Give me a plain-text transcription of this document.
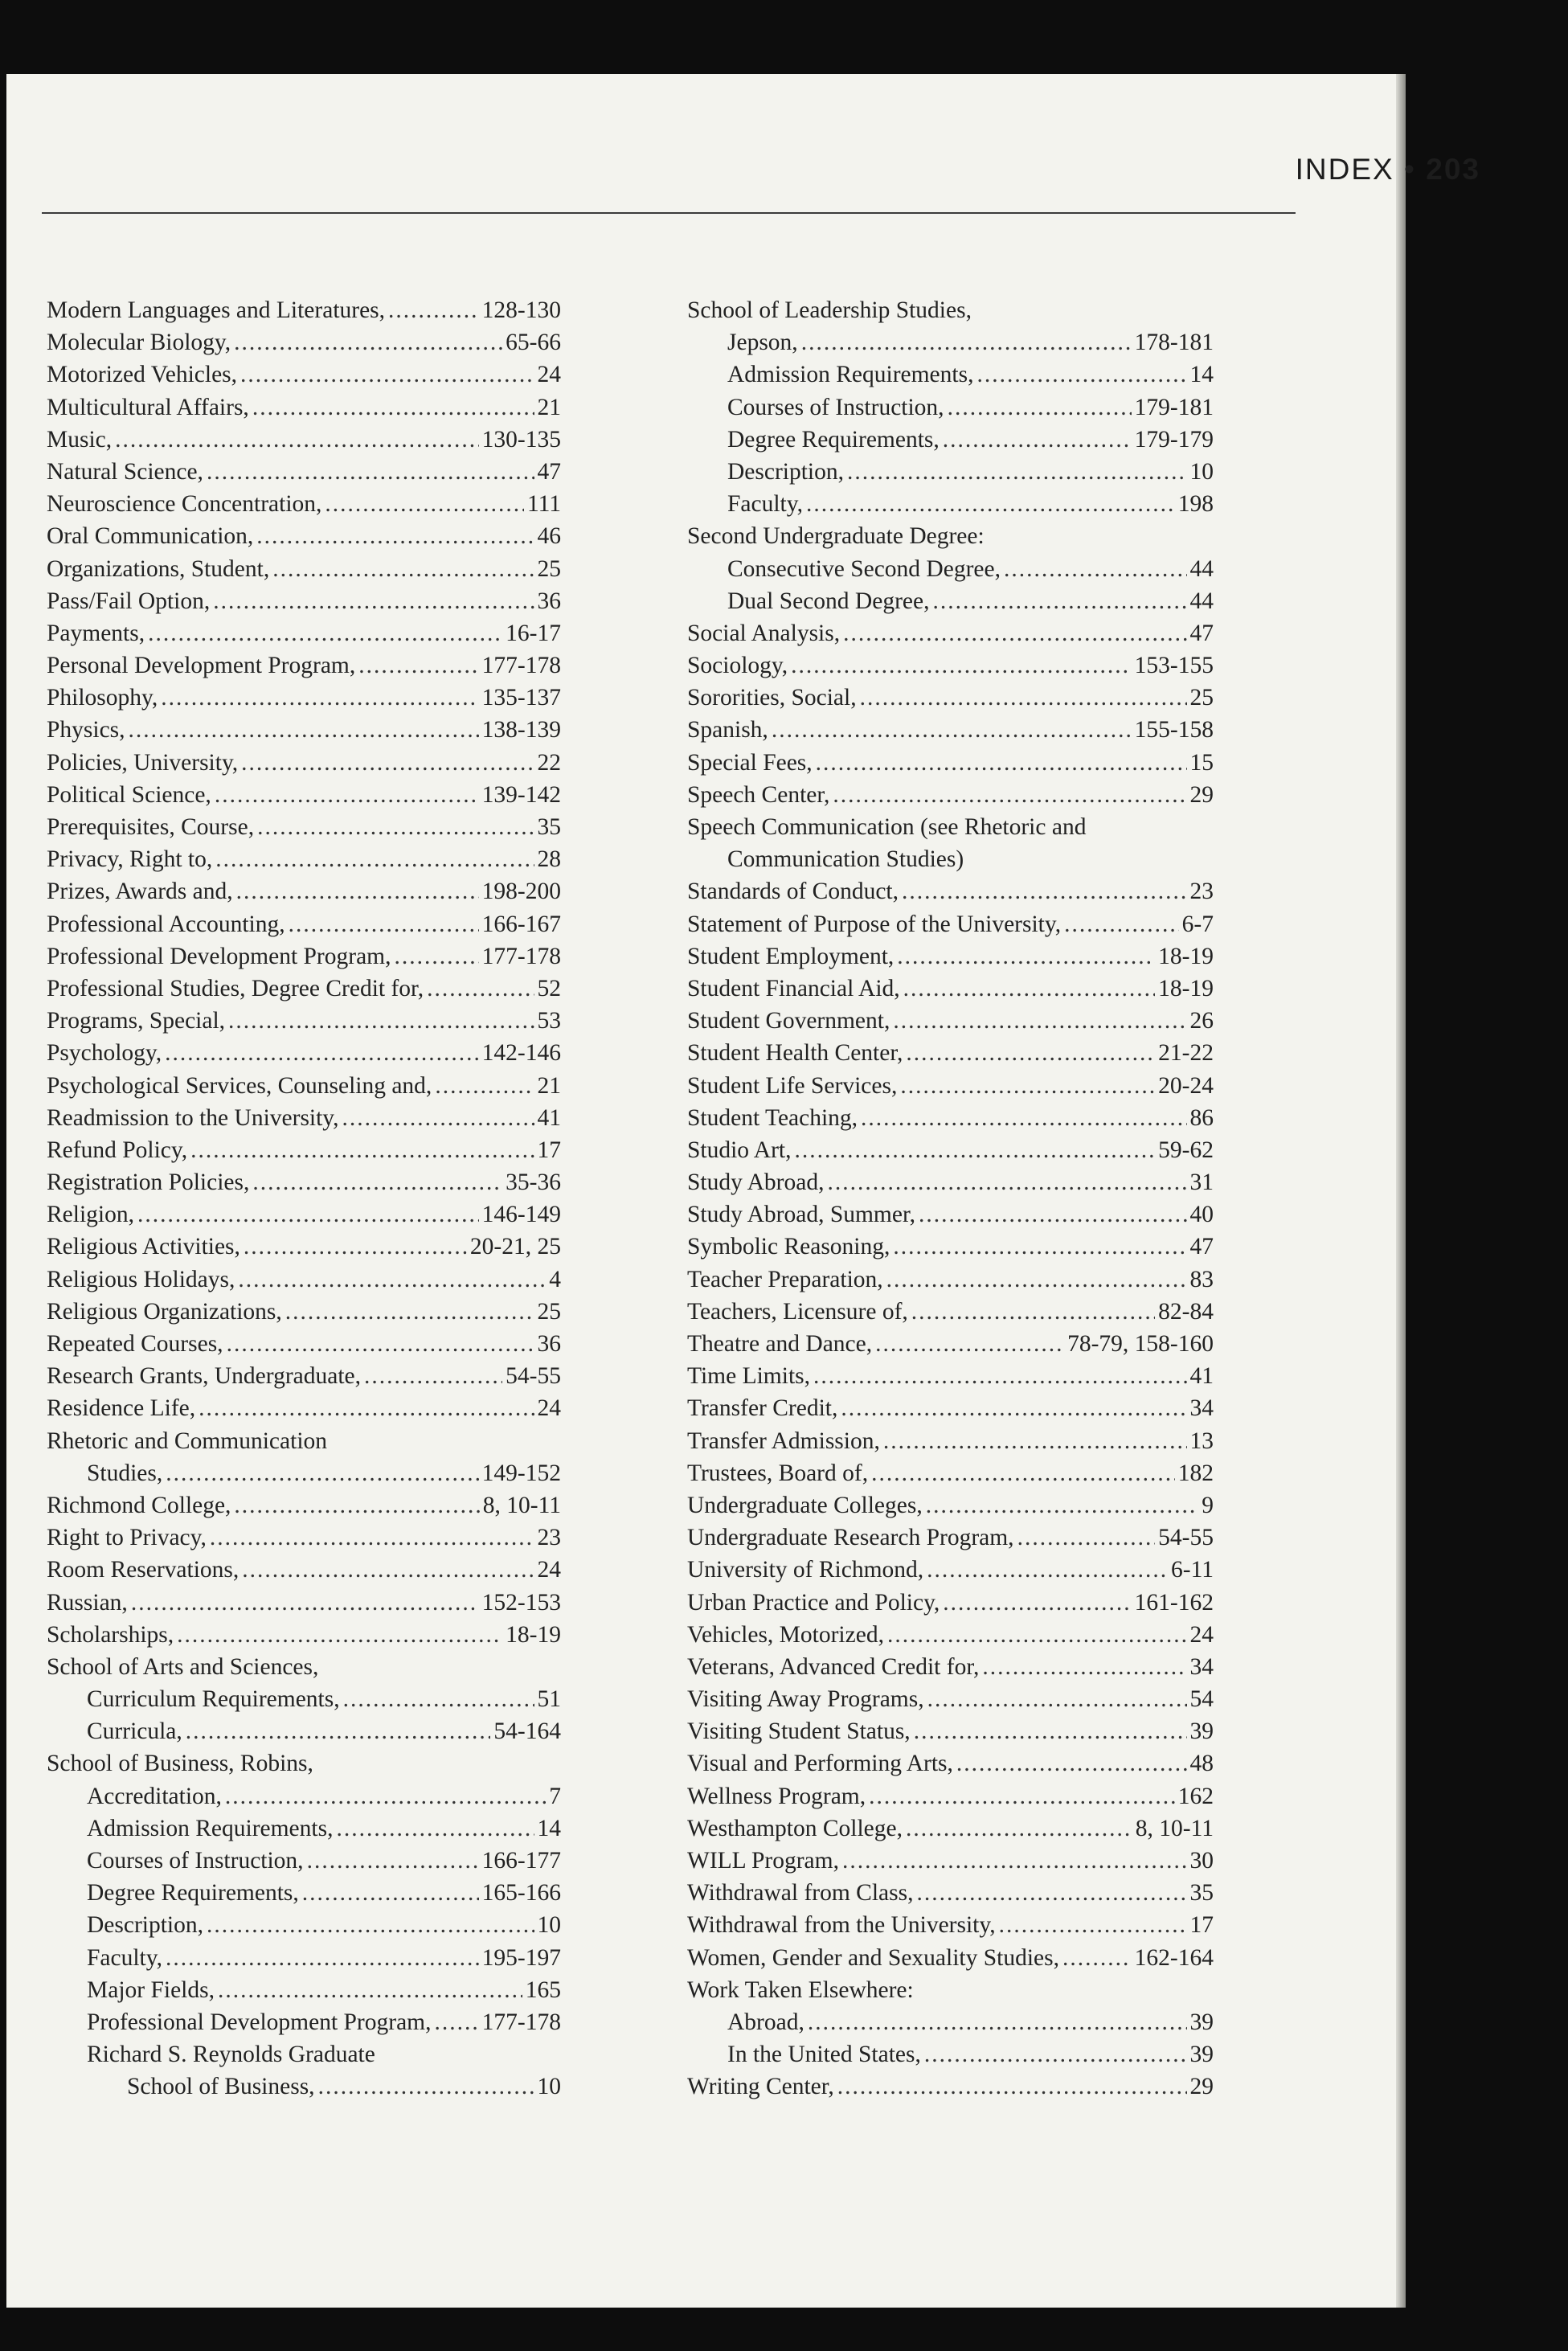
INDEX • 203
Modern Languages and Literatures, .....	128-130
Molecular Biology, .....	65-66
Motorized Vehicles, .....	24
Multicultural Affairs, .....	21
Music, .....	130-135
Natural Science, .....	47
Neuroscience Concentration, .....	111
Oral Communication, .....	46
Organizations, Student, .....	25
Pass/Fail Option, .....	36
Payments, .....	16-17
Personal Development Program, .....	177-178
Philosophy, .....	135-137
Physics, .....	138-139
Policies, University, .....	22
Political Science, .....	139-142
Prerequisites, Course, .....	35
Privacy, Right to, .....	28
Prizes, Awards and, .....	198-200
Professional Accounting, .....	166-167
Professional Development Program, .....	177-178
Professional Studies, Degree Credit for, .....	52
Programs, Special, .....	53
Psychology, .....	142-146
Psychological Services, Counseling and, .....	21
Readmission to the University, .....	41
Refund Policy, .....	17
Registration Policies, .....	35-36
Religion, .....	146-149
Religious Activities, .....	20-21, 25
Religious Holidays, .....	4
Religious Organizations, .....	25
Repeated Courses, .....	36
Research Grants, Undergraduate, .....	54-55
Residence Life, .....	24
Rhetoric and Communication
Studies, .....	149-152
Richmond College, .....	8, 10-11
Right to Privacy, .....	23
Room Reservations, .....	24
Russian, .....	152-153
Scholarships, .....	18-19
School of Arts and Sciences,
Curriculum Requirements, .....	51
Curricula, .....	54-164
School of Business, Robins,
Accreditation, .....	7
Admission Requirements, .....	14
Courses of Instruction, .....	166-177
Degree Requirements, .....	165-166
Description, .....	10
Faculty, .....	195-197
Major Fields, .....	165
Professional Development Program, ..... 177-178
Richard S. Reynolds Graduate
School of Business, .....	10
School of Leadership Studies,
Jepson, .....	178-181
Admission Requirements, .....	14
Courses of Instruction, .....	179-181
Degree Requirements, .....	179-179
Description, .....	10
Faculty, .....	198
Second Undergraduate Degree:
Consecutive Second Degree, .....	44
Dual Second Degree, .....	44
Social Analysis, .....	47
Sociology, .....	153-155
Sororities, Social, .....	25
Spanish, .....	155-158
Special Fees, .....	15
Speech Center, .....	29
Speech Communication (see Rhetoric and
Communication Studies)
Standards of Conduct, .....	23
Statement of Purpose of the University, .....	6-7
Student Employment, .....	18-19
Student Financial Aid, .....	18-19
Student Government, .....	26
Student Health Center, .....	21-22
Student Life Services, .....	20-24
Student Teaching, .....	86
Studio Art, .....	59-62
Study Abroad, .....	31
Study Abroad, Summer, .....	40
Symbolic Reasoning, .....	47
Teacher Preparation, .....	83
Teachers, Licensure of, .....	82-84
Theatre and Dance, .....	78-79, 158-160
Time Limits, .....	41
Transfer Credit, .....	34
Transfer Admission, .....	13
Trustees, Board of, .....	182
Undergraduate Colleges, .....	9
Undergraduate Research Program, .....	54-55
University of Richmond, .....	6-11
Urban Practice and Policy, .....	161-162
Vehicles, Motorized, .....	24
Veterans, Advanced Credit for, .....	34
Visiting Away Programs, .....	54
Visiting Student Status, .....	39
Visual and Performing Arts, .....	48
Wellness Program, .....	162
Westhampton College, .....	8, 10-11
WILL Program, .....	30
Withdrawal from Class, .....	35
Withdrawal from the University, .....	17
Women, Gender and Sexuality Studies, .....	162-164
Work Taken Elsewhere:
Abroad, .....	39
In the United States, .....	39
Writing Center, .....	29
